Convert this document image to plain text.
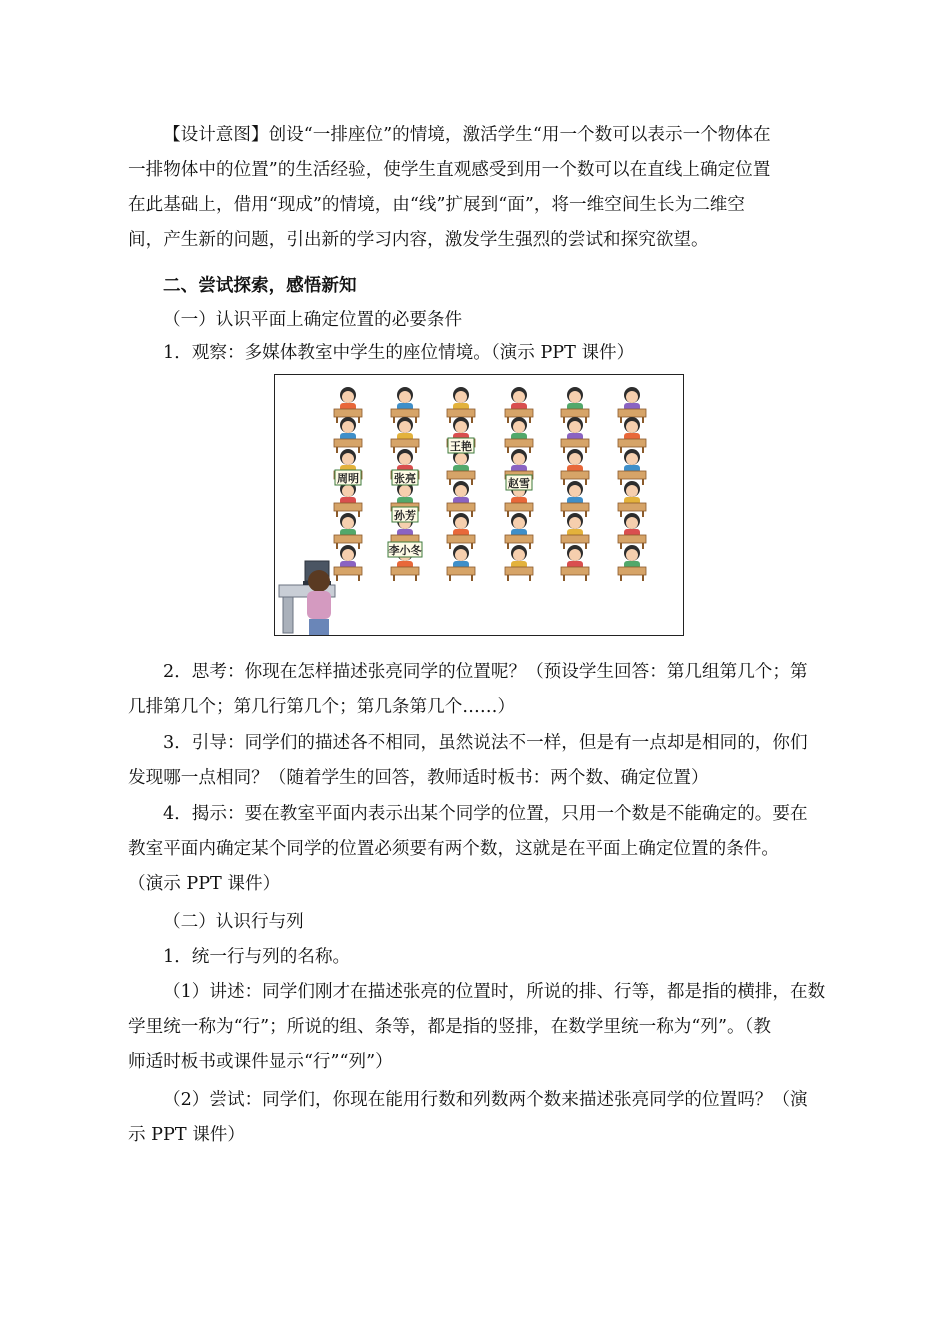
【设计意图】创设“一排座位”的情境，激活学生“用一个数可以表示一个物体在
一排物体中的位置”的生活经验，使学生直观感受到用一个数可以在直线上确定位置
在此基础上，借用“现成”的情境，由“线”扩展到“面”，将一维空间生长为二维空
间，产生新的问题，引出新的学习内容，激发学生强烈的尝试和探究欲望。

二、尝试探索，感悟新知

（一）认识平面上确定位置的必要条件

1．观察：多媒体教室中学生的座位情境。（演示 PPT 课件）

王艳
周明	张亮	赵雪
孙芳
李小冬

2．思考：你现在怎样描述张亮同学的位置呢？（预设学生回答：第几组第几个；第
几排第几个；第几行第几个；第几条第几个……）

3．引导：同学们的描述各不相同，虽然说法不一样，但是有一点却是相同的，你们
发现哪一点相同？（随着学生的回答，教师适时板书：两个数、确定位置）

4．揭示：要在教室平面内表示出某个同学的位置，只用一个数是不能确定的。要在
教室平面内确定某个同学的位置必须要有两个数，这就是在平面上确定位置的条件。
（演示 PPT 课件）

（二）认识行与列

1．统一行与列的名称。

（1）讲述：同学们刚才在描述张亮的位置时，所说的排、行等，都是指的横排，在数
学里统一称为“行”；所说的组、条等，都是指的竖排，在数学里统一称为“列”。（教
师适时板书或课件显示“行”“列”）

（2）尝试：同学们，你现在能用行数和列数两个数来描述张亮同学的位置吗？（演
示 PPT 课件）
